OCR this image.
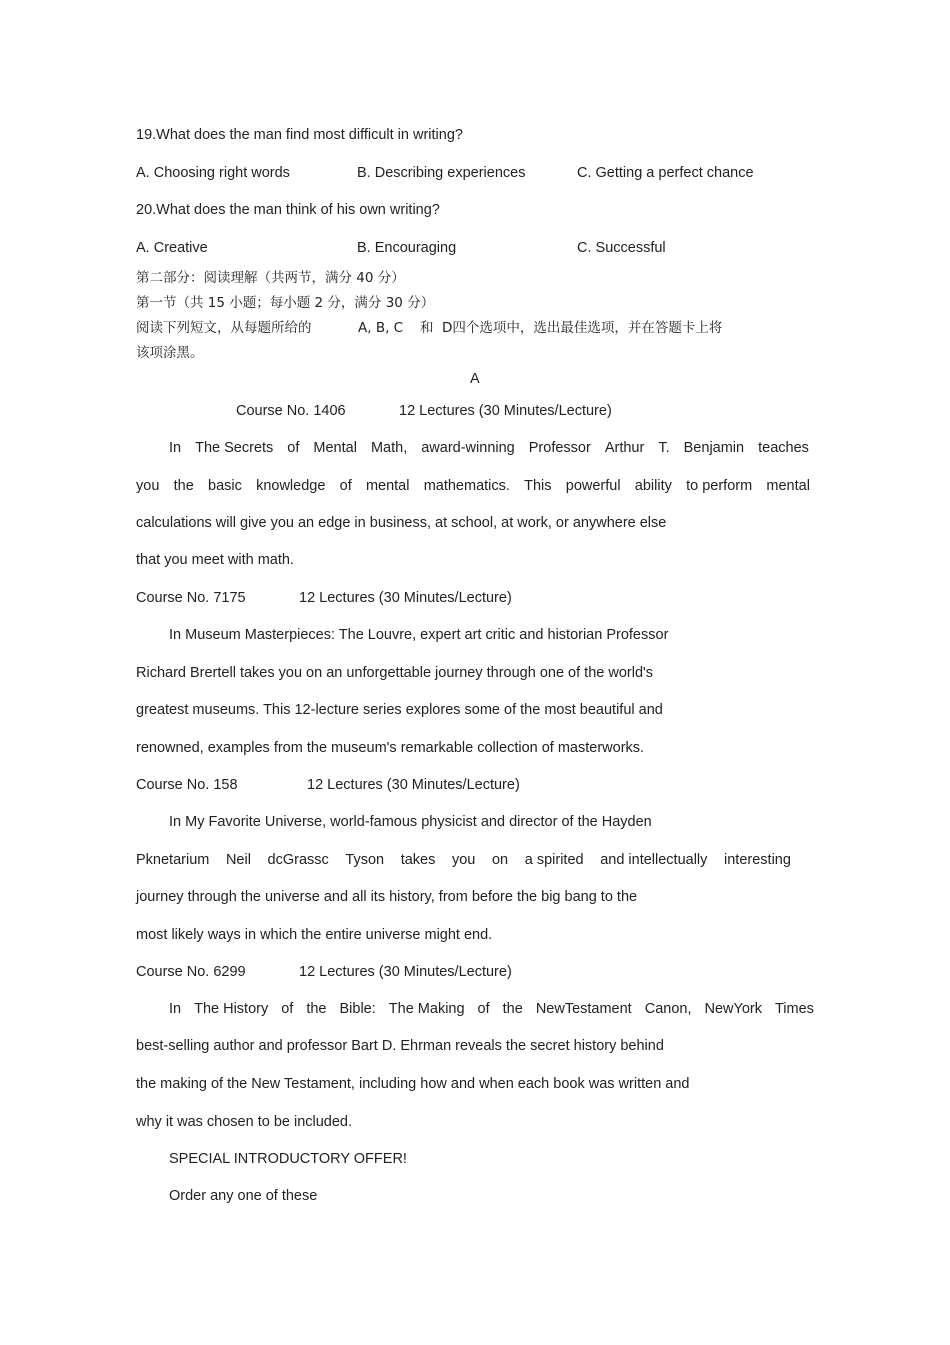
19.What does the man find most difficult in writing?
A. Choosing right words	B. Describing experiences	C. Getting a perfect chance
20.What does the man think of his own writing?
A. Creative	B. Encouraging	C. Successful
第二部分：阅读理解（共两节，满分 40 分）
第一节（共 15 小题；每小题 2 分，满分 30 分）
阅读下列短文，从每题所给的	A, B, C 和 D四个选项中，选出最佳选项，并在答题卡上将
该项涂黑。
A
Course No. 1406	12 Lectures (30 Minutes/Lecture)
In The Secrets of Mental Math, award-winning Professor Arthur T. Benjamin teaches
you the basic knowledge of mental mathematics. This powerful ability to perform mental
calculations will give you an edge in business, at school, at work, or anywhere else
that you meet with math.
Course No. 7175	12 Lectures (30 Minutes/Lecture)
In Museum Masterpieces: The Louvre, expert art critic and historian Professor
Richard Brertell takes you on an unforgettable journey through one of the world's
greatest museums. This 12-lecture series explores some of the most beautiful and
renowned, examples from the museum's remarkable collection of masterworks.
Course No. 158	12 Lectures (30 Minutes/Lecture)
In My Favorite Universe, world-famous physicist and director of the Hayden
Pknetarium Neil dcGrassc Tyson takes you on a spirited and intellectually interesting
journey through the universe and all its history, from before the big bang to the
most likely ways in which the entire universe might end.
Course No. 6299	12 Lectures (30 Minutes/Lecture)
In The History of the Bible: The Making of the NewTestament Canon, NewYork Times
best-selling author and professor Bart D. Ehrman reveals the secret history behind
the making of the New Testament, including how and when each book was written and
why it was chosen to be included.
SPECIAL INTRODUCTORY OFFER!
Order any one of these
